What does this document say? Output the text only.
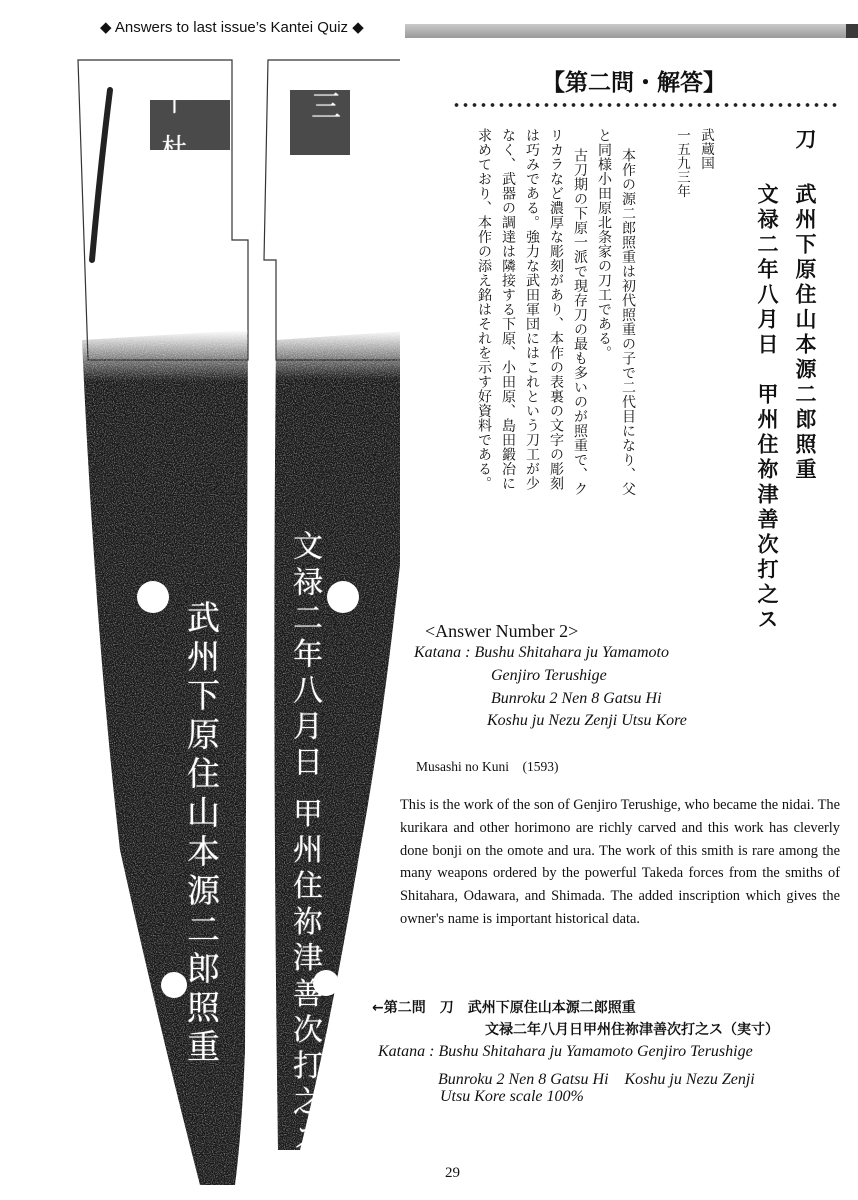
◆ Answers to last issue’s Kantei Quiz ◆
十 杜	三
武州下原住山本源二郎照重 文禄二年八月日 甲州住祢津善次打之ス
【第二問・解答】
刀
武州下原住山本源二郎照重
文禄二年八月日　甲州住祢津善次打之ス
武蔵国
一五九三年
本作の源二郎照重は初代照重の子で二代目になり、父
と同様小田原北条家の刀工である。
古刀期の下原一派で現存刀の最も多いのが照重で、ク
リカラなど濃厚な彫刻があり、本作の表裏の文字の彫刻
は巧みである。強力な武田軍団にはこれという刀工が少
なく、武器の調達は隣接する下原、小田原、島田鍛冶に
求めており、本作の添え銘はそれを示す好資料である。
<Answer Number 2>
Katana : Bushu Shitahara ju Yamamoto
Genjiro Terushige
Bunroku 2 Nen 8 Gatsu Hi
Koshu ju Nezu Zenji Utsu Kore
Musashi no Kuni　(1593)
This is the work of the son of Genjiro Terushige, who became the nidai. The kurikara and other horimono are richly carved and this work has cleverly done bonji on the omote and ura. The work of this smith is rare among the many weapons ordered by the powerful Takeda forces from the smiths of Shitahara, Odawara, and Shimada. The added inscription which gives the owner's name is important historical data.
←第二問　刀　武州下原住山本源二郎照重
文禄二年八月日甲州住祢津善次打之ス（実寸）
Katana : Bushu Shitahara ju Yamamoto Genjiro Terushige
Bunroku 2 Nen 8 Gatsu Hi　Koshu ju Nezu Zenji
Utsu Kore scale 100%
29
